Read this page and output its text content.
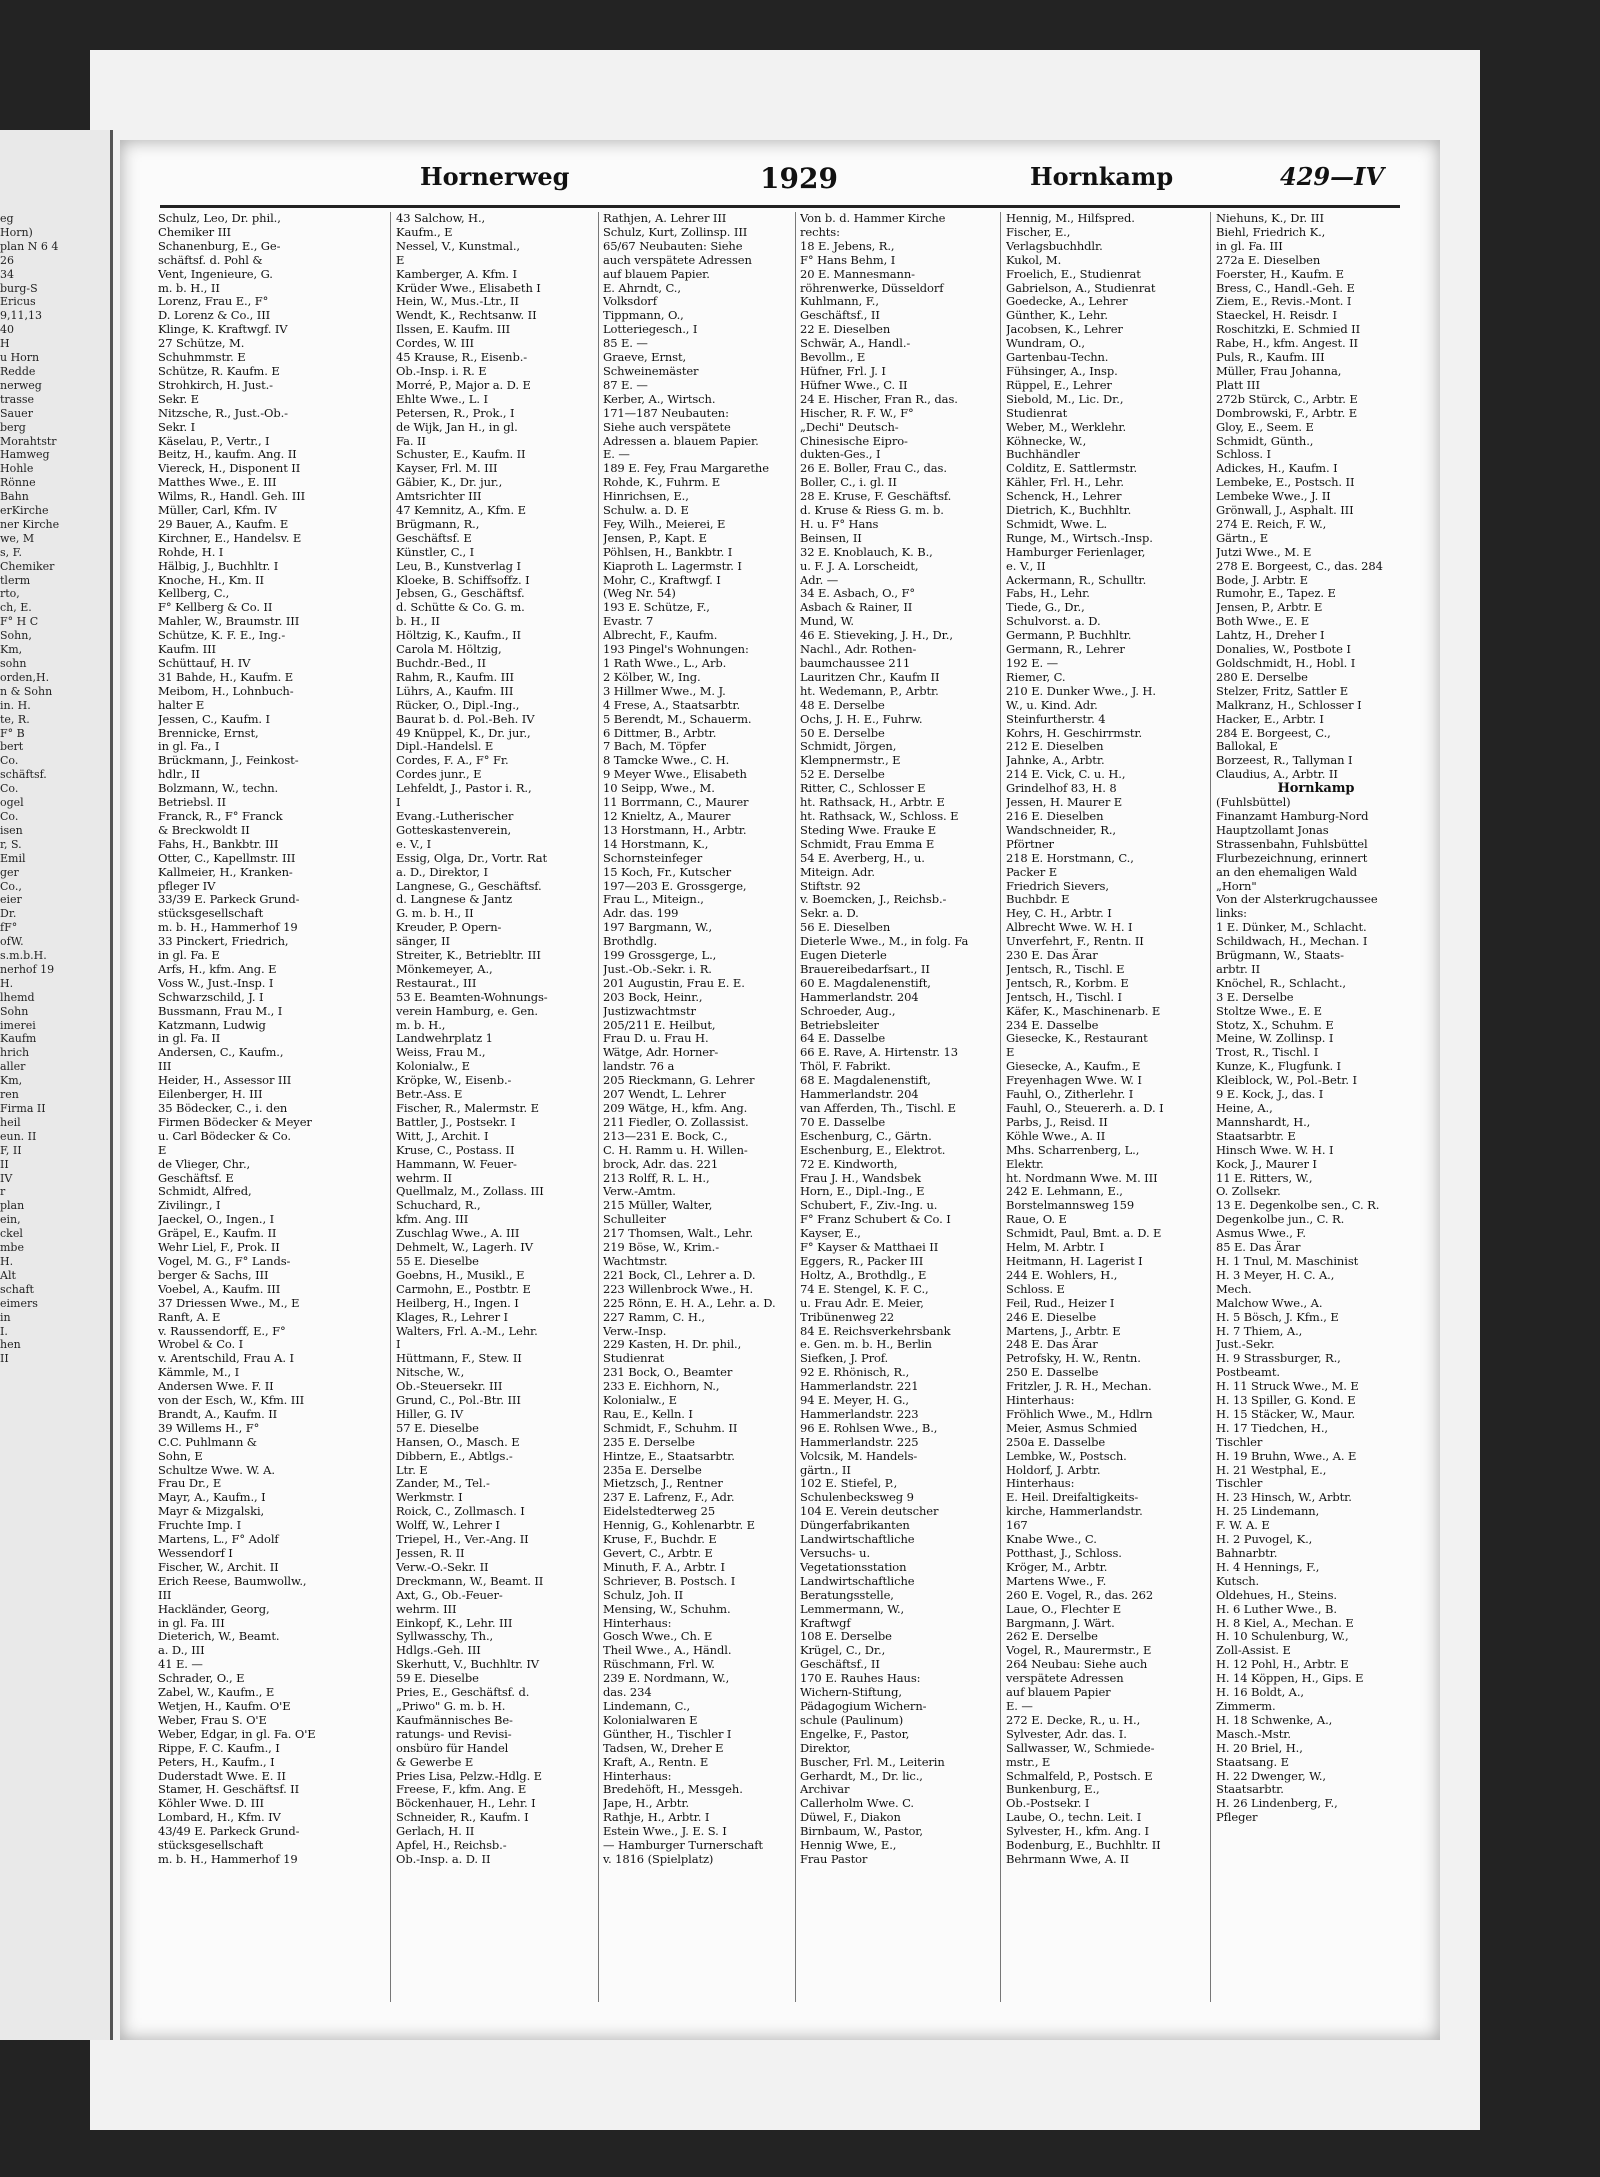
eg
Horn)
plan N 6 4
26
34
burg-S
Ericus
9,11,13
40
H
u Horn
Redde
nerweg
trasse
Sauer
berg
Morahtstr
Hamweg
Hohle
Rönne
Bahn
erKirche
ner Kirche
we, M
s, F.
Chemiker
tlerm
rto,
ch, E.
F° H C
Sohn,
Km,
sohn
orden,H.
n & Sohn
in. H.
te, R.
F° B
bert
Co.
schäftsf.
Co.
ogel
Co.
isen
r, S.
Emil
ger
Co.,
eier
Dr.
fF°
ofW.
s.m.b.H.
nerhof 19
H.
lhemd
Sohn
imerei
Kaufm
hrich
aller
Km,
ren
Firma II
heil
eun. II
F, II
II
IV
r
plan
ein,
ckel
mbe
H.
Alt
schaft
eimers
in
I.
hen
II
Hornerweg	1929	Hornkamp	429—IV
Schulz, Leo, Dr. phil.,
Chemiker III
Schanenburg, E., Ge-
schäftsf. d. Pohl &
Vent, Ingenieure, G.
m. b. H., II
Lorenz, Frau E., F°
D. Lorenz & Co., III
Klinge, K. Kraftwgf. IV
27 Schütze, M.
Schuhmmstr. E
Schütze, R. Kaufm. E
Strohkirch, H. Just.-
Sekr. E
Nitzsche, R., Just.-Ob.-
Sekr. I
Käselau, P., Vertr., I
Beitz, H., kaufm. Ang. II
Viereck, H., Disponent II
Matthes Wwe., E. III
Wilms, R., Handl. Geh. III
Müller, Carl, Kfm. IV
29 Bauer, A., Kaufm. E
Kirchner, E., Handelsv. E
Rohde, H. I
Hälbig, J., Buchhltr. I
Knoche, H., Km. II
Kellberg, C.,
F° Kellberg & Co. II
Mahler, W., Braumstr. III
Schütze, K. F. E., Ing.-
Kaufm. III
Schüttauf, H. IV
31 Bahde, H., Kaufm. E
Meibom, H., Lohnbuch-
halter E
Jessen, C., Kaufm. I
Brennicke, Ernst,
in gl. Fa., I
Brückmann, J., Feinkost-
hdlr., II
Bolzmann, W., techn.
Betriebsl. II
Franck, R., F° Franck
& Breckwoldt II
Fahs, H., Bankbtr. III
Otter, C., Kapellmstr. III
Kallmeier, H., Kranken-
pfleger IV
33/39 E. Parkeck Grund-
stücksgesellschaft
m. b. H., Hammerhof 19
33 Pinckert, Friedrich,
in gl. Fa. E
Arfs, H., kfm. Ang. E
Voss W., Just.-Insp. I
Schwarzschild, J. I
Bussmann, Frau M., I
Katzmann, Ludwig
in gl. Fa. II
Andersen, C., Kaufm.,
III
Heider, H., Assessor III
Eilenberger, H. III
35 Bödecker, C., i. den
Firmen Bödecker & Meyer
u. Carl Bödecker & Co.
E
de Vlieger, Chr.,
Geschäftsf. E
Schmidt, Alfred,
Zivilingr., I
Jaeckel, O., Ingen., I
Gräpel, E., Kaufm. II
Wehr Liel, F., Prok. II
Vogel, M. G., F° Lands-
berger & Sachs, III
Voebel, A., Kaufm. III
37 Driessen Wwe., M., E
Ranft, A. E
v. Raussendorff, E., F°
Wrobel & Co. I
v. Arentschild, Frau A. I
Kämmle, M., I
Andersen Wwe. F. II
von der Esch, W., Kfm. III
Brandt, A., Kaufm. II
39 Willems H., F°
C.C. Puhlmann &
Sohn, E
Schultze Wwe. W. A.
Frau Dr., E
Mayr, A., Kaufm., I
Mayr & Mizgalski,
Fruchte Imp. I
Martens, L., F° Adolf
Wessendorf I
Fischer, W., Archit. II
Erich Reese, Baumwollw.,
III
Hackländer, Georg,
in gl. Fa. III
Dieterich, W., Beamt.
a. D., III
41 E. —
Schrader, O., E
Zabel, W., Kaufm., E
Wetjen, H., Kaufm. O'E
Weber, Frau S. O'E
Weber, Edgar, in gl. Fa. O'E
Rippe, F. C. Kaufm., I
Peters, H., Kaufm., I
Duderstadt Wwe. E. II
Stamer, H. Geschäftsf. II
Köhler Wwe. D. III
Lombard, H., Kfm. IV
43/49 E. Parkeck Grund-
stücksgesellschaft
m. b. H., Hammerhof 19
43 Salchow, H.,
Kaufm., E
Nessel, V., Kunstmal.,
E
Kamberger, A. Kfm. I
Krüder Wwe., Elisabeth I
Hein, W., Mus.-Ltr., II
Wendt, K., Rechtsanw. II
Ilssen, E. Kaufm. III
Cordes, W. III
45 Krause, R., Eisenb.-
Ob.-Insp. i. R. E
Morré, P., Major a. D. E
Ehlte Wwe., L. I
Petersen, R., Prok., I
de Wijk, Jan H., in gl.
Fa. II
Schuster, E., Kaufm. II
Kayser, Frl. M. III
Gäbier, K., Dr. jur.,
Amtsrichter III
47 Kemnitz, A., Kfm. E
Brügmann, R.,
Geschäftsf. E
Künstler, C., I
Leu, B., Kunstverlag I
Kloeke, B. Schiffsoffz. I
Jebsen, G., Geschäftsf.
d. Schütte & Co. G. m.
b. H., II
Höltzig, K., Kaufm., II
Carola M. Höltzig,
Buchdr.-Bed., II
Rahm, R., Kaufm. III
Lührs, A., Kaufm. III
Rücker, O., Dipl.-Ing.,
Baurat b. d. Pol.-Beh. IV
49 Knüppel, K., Dr. jur.,
Dipl.-Handelsl. E
Cordes, F. A., F° Fr.
Cordes junr., E
Lehfeldt, J., Pastor i. R.,
I
Evang.-Lutherischer
Gotteskastenverein,
e. V., I
Essig, Olga, Dr., Vortr. Rat
a. D., Direktor, I
Langnese, G., Geschäftsf.
d. Langnese & Jantz
G. m. b. H., II
Kreuder, P. Opern-
sänger, II
Streiter, K., Betriebltr. III
Mönkemeyer, A.,
Restaurat., III
53 E. Beamten-Wohnungs-
verein Hamburg, e. Gen.
m. b. H.,
Landwehrplatz 1
Weiss, Frau M.,
Kolonialw., E
Kröpke, W., Eisenb.-
Betr.-Ass. E
Fischer, R., Malermstr. E
Battler, J., Postsekr. I
Witt, J., Archit. I
Kruse, C., Postass. II
Hammann, W. Feuer-
wehrm. II
Quellmalz, M., Zollass. III
Schuchard, R.,
kfm. Ang. III
Zuschlag Wwe., A. III
Dehmelt, W., Lagerh. IV
55 E. Dieselbe
Goebns, H., Musikl., E
Carmohn, E., Postbtr. E
Heilberg, H., Ingen. I
Klages, R., Lehrer I
Walters, Frl. A.-M., Lehr.
I
Hüttmann, F., Stew. II
Nitsche, W.,
Ob.-Steuersekr. III
Grund, C., Pol.-Btr. III
Hiller, G. IV
57 E. Dieselbe
Hansen, O., Masch. E
Dibbern, E., Abtlgs.-
Ltr. E
Zander, M., Tel.-
Werkmstr. I
Roick, C., Zollmasch. I
Wolff, W., Lehrer I
Triepel, H., Ver.-Ang. II
Jessen, R. II
Verw.-O.-Sekr. II
Dreckmann, W., Beamt. II
Axt, G., Ob.-Feuer-
wehrm. III
Einkopf, K., Lehr. III
Syllwasschy, Th.,
Hdlgs.-Geh. III
Skerhutt, V., Buchhltr. IV
59 E. Dieselbe
Pries, E., Geschäftsf. d.
„Priwo" G. m. b. H.
Kaufmännisches Be-
ratungs- und Revisi-
onsbüro für Handel
& Gewerbe E
Pries Lisa, Pelzw.-Hdlg. E
Freese, F., kfm. Ang. E
Böckenhauer, H., Lehr. I
Schneider, R., Kaufm. I
Gerlach, H. II
Apfel, H., Reichsb.-
Ob.-Insp. a. D. II
Rathjen, A. Lehrer III
Schulz, Kurt, Zollinsp. III
65/67 Neubauten: Siehe
auch verspätete Adressen
auf blauem Papier.
E. Ahrndt, C.,
Volksdorf
Tippmann, O.,
Lotteriegesch., I
85 E. —
Graeve, Ernst,
Schweinemäster
87 E. —
Kerber, A., Wirtsch.
171—187 Neubauten:
Siehe auch verspätete
Adressen a. blauem Papier.
E. —
189 E. Fey, Frau Margarethe
Rohde, K., Fuhrm. E
Hinrichsen, E.,
Schulw. a. D. E
Fey, Wilh., Meierei, E
Jensen, P., Kapt. E
Pöhlsen, H., Bankbtr. I
Kiaproth L. Lagermstr. I
Mohr, C., Kraftwgf. I
(Weg Nr. 54)
193 E. Schütze, F.,
Evastr. 7
Albrecht, F., Kaufm.
193 Pingel's Wohnungen:
1 Rath Wwe., L., Arb.
2 Kölber, W., Ing.
3 Hillmer Wwe., M. J.
4 Frese, A., Staatsarbtr.
5 Berendt, M., Schauerm.
6 Dittmer, B., Arbtr.
7 Bach, M. Töpfer
8 Tamcke Wwe., C. H.
9 Meyer Wwe., Elisabeth
10 Seipp, Wwe., M.
11 Borrmann, C., Maurer
12 Knieltz, A., Maurer
13 Horstmann, H., Arbtr.
14 Horstmann, K.,
Schornsteinfeger
15 Koch, Fr., Kutscher
197—203 E. Grossgerge,
Frau L., Miteign.,
Adr. das. 199
197 Bargmann, W.,
Brothdlg.
199 Grossgerge, L.,
Just.-Ob.-Sekr. i. R.
201 Augustin, Frau E. E.
203 Bock, Heinr.,
Justizwachtmstr
205/211 E. Heilbut,
Frau D. u. Frau H.
Wätge, Adr. Horner-
landstr. 76 a
205 Rieckmann, G. Lehrer
207 Wendt, L. Lehrer
209 Wätge, H., kfm. Ang.
211 Fiedler, O. Zollassist.
213—231 E. Bock, C.,
C. H. Ramm u. H. Willen-
brock, Adr. das. 221
213 Rolff, R. L. H.,
Verw.-Amtm.
215 Müller, Walter,
Schulleiter
217 Thomsen, Walt., Lehr.
219 Böse, W., Krim.-
Wachtmstr.
221 Bock, Cl., Lehrer a. D.
223 Willenbrock Wwe., H.
225 Rönn, E. H. A., Lehr. a. D.
227 Ramm, C. H.,
Verw.-Insp.
229 Kasten, H. Dr. phil.,
Studienrat
231 Bock, O., Beamter
233 E. Eichhorn, N.,
Kolonialw., E
Rau, E., Kelln. I
Schmidt, F., Schuhm. II
235 E. Derselbe
Hintze, E., Staatsarbtr.
235a E. Derselbe
Mietzsch, J., Rentner
237 E. Lafrenz, F., Adr.
Eidelstedterweg 25
Hennig, G., Kohlenarbtr. E
Kruse, F., Buchdr. E
Gevert, C., Arbtr. E
Minuth, F. A., Arbtr. I
Schriever, B. Postsch. I
Schulz, Joh. II
Mensing, W., Schuhm.
Hinterhaus:
Gosch Wwe., Ch. E
Theil Wwe., A., Händl.
Rüschmann, Frl. W.
239 E. Nordmann, W.,
das. 234
Lindemann, C.,
Kolonialwaren E
Günther, H., Tischler I
Tadsen, W., Dreher E
Kraft, A., Rentn. E
Hinterhaus:
Bredehöft, H., Messgeh.
Jape, H., Arbtr.
Rathje, H., Arbtr. I
Estein Wwe., J. E. S. I
— Hamburger Turnerschaft
v. 1816 (Spielplatz)
Von b. d. Hammer Kirche
rechts:
18 E. Jebens, R.,
F° Hans Behm, I
20 E. Mannesmann-
röhrenwerke, Düsseldorf
Kuhlmann, F.,
Geschäftsf., II
22 E. Dieselben
Schwär, A., Handl.-
Bevollm., E
Hüfner, Frl. J. I
Hüfner Wwe., C. II
24 E. Hischer, Fran R., das.
Hischer, R. F. W., F°
„Dechi" Deutsch-
Chinesische Eipro-
dukten-Ges., I
26 E. Boller, Frau C., das.
Boller, C., i. gl. II
28 E. Kruse, F. Geschäftsf.
d. Kruse & Riess G. m. b.
H. u. F° Hans
Beinsen, II
32 E. Knoblauch, K. B.,
u. F. J. A. Lorscheidt,
Adr. —
34 E. Asbach, O., F°
Asbach & Rainer, II
Mund, W.
46 E. Stieveking, J. H., Dr.,
Nachl., Adr. Rothen-
baumchaussee 211
Lauritzen Chr., Kaufm II
ht. Wedemann, P., Arbtr.
48 E. Derselbe
Ochs, J. H. E., Fuhrw.
50 E. Derselbe
Schmidt, Jörgen,
Klempnermstr., E
52 E. Derselbe
Ritter, C., Schlosser E
ht. Rathsack, H., Arbtr. E
ht. Rathsack, W., Schloss. E
Steding Wwe. Frauke E
Schmidt, Frau Emma E
54 E. Averberg, H., u.
Miteign. Adr.
Stiftstr. 92
v. Boemcken, J., Reichsb.-
Sekr. a. D.
56 E. Dieselben
Dieterle Wwe., M., in folg. Fa
Eugen Dieterle
Brauereibedarfsart., II
60 E. Magdalenenstift,
Hammerlandstr. 204
Schroeder, Aug.,
Betriebsleiter
64 E. Dasselbe
66 E. Rave, A. Hirtenstr. 13
Thöl, F. Fabrikt.
68 E. Magdalenenstift,
Hammerlandstr. 204
van Afferden, Th., Tischl. E
70 E. Dasselbe
Eschenburg, C., Gärtn.
Eschenburg, E., Elektrot.
72 E. Kindworth,
Frau J. H., Wandsbek
Horn, E., Dipl.-Ing., E
Schubert, F., Ziv.-Ing. u.
F° Franz Schubert & Co. I
Kayser, E.,
F° Kayser & Matthaei II
Eggers, R., Packer III
Holtz, A., Brothdlg., E
74 E. Stengel, K. F. C.,
u. Frau Adr. E. Meier,
Tribünenweg 22
84 E. Reichsverkehrsbank
e. Gen. m. b. H., Berlin
Siefken, J. Prof.
92 E. Rhönisch, R.,
Hammerlandstr. 221
94 E. Meyer, H. G.,
Hammerlandstr. 223
96 E. Rohlsen Wwe., B.,
Hammerlandstr. 225
Volcsik, M. Handels-
gärtn., II
102 E. Stiefel, P.,
Schulenbecksweg 9
104 E. Verein deutscher
Düngerfabrikanten
Landwirtschaftliche
Versuchs- u.
Vegetationsstation
Landwirtschaftliche
Beratungsstelle,
Lemmermann, W.,
Kraftwgf
108 E. Derselbe
Krügel, C., Dr.,
Geschäftsf., II
170 E. Rauhes Haus:
Wichern-Stiftung,
Pädagogium Wichern-
schule (Paulinum)
Engelke, F., Pastor,
Direktor,
Buscher, Frl. M., Leiterin
Gerhardt, M., Dr. lic.,
Archivar
Callerholm Wwe. C.
Düwel, F., Diakon
Birnbaum, W., Pastor,
Hennig Wwe, E.,
Frau Pastor
Hennig, M., Hilfspred.
Fischer, E.,
Verlagsbuchhdlr.
Kukol, M.
Froelich, E., Studienrat
Gabrielson, A., Studienrat
Goedecke, A., Lehrer
Günther, K., Lehr.
Jacobsen, K., Lehrer
Wundram, O.,
Gartenbau-Techn.
Fühsinger, A., Insp.
Rüppel, E., Lehrer
Siebold, M., Lic. Dr.,
Studienrat
Weber, M., Werklehr.
Köhnecke, W.,
Buchhändler
Colditz, E. Sattlermstr.
Kähler, Frl. H., Lehr.
Schenck, H., Lehrer
Dietrich, K., Buchhltr.
Schmidt, Wwe. L.
Runge, M., Wirtsch.-Insp.
Hamburger Ferienlager,
e. V., II
Ackermann, R., Schulltr.
Fabs, H., Lehr.
Tiede, G., Dr.,
Schulvorst. a. D.
Germann, P. Buchhltr.
Germann, R., Lehrer
192 E. —
Riemer, C.
210 E. Dunker Wwe., J. H.
W., u. Kind. Adr.
Steinfurtherstr. 4
Kohrs, H. Geschirrmstr.
212 E. Dieselben
Jahnke, A., Arbtr.
214 E. Vick, C. u. H.,
Grindelhof 83, H. 8
Jessen, H. Maurer E
216 E. Dieselben
Wandschneider, R.,
Pförtner
218 E. Horstmann, C.,
Packer E
Friedrich Sievers,
Buchbdr. E
Hey, C. H., Arbtr. I
Albrecht Wwe. W. H. I
Unverfehrt, F., Rentn. II
230 E. Das Ärar
Jentsch, R., Tischl. E
Jentsch, R., Korbm. E
Jentsch, H., Tischl. I
Käfer, K., Maschinenarb. E
234 E. Dasselbe
Giesecke, K., Restaurant
E
Giesecke, A., Kaufm., E
Freyenhagen Wwe. W. I
Fauhl, O., Zitherlehr. I
Fauhl, O., Steuererh. a. D. I
Parbs, J., Reisd. II
Köhle Wwe., A. II
Mhs. Scharrenberg, L.,
Elektr.
ht. Nordmann Wwe. M. III
242 E. Lehmann, E.,
Borstelmannsweg 159
Raue, O. E
Schmidt, Paul, Bmt. a. D. E
Helm, M. Arbtr. I
Heitmann, H. Lagerist I
244 E. Wohlers, H.,
Schloss. E
Feil, Rud., Heizer I
246 E. Dieselbe
Martens, J., Arbtr. E
248 E. Das Ärar
Petrofsky, H. W., Rentn.
250 E. Dasselbe
Fritzler, J. R. H., Mechan.
Hinterhaus:
Fröhlich Wwe., M., Hdlrn
Meier, Asmus Schmied
250a E. Dasselbe
Lembke, W., Postsch.
Holdorf, J. Arbtr.
Hinterhaus:
E. Heil. Dreifaltigkeits-
kirche, Hammerlandstr.
167
Knabe Wwe., C.
Potthast, J., Schloss.
Kröger, M., Arbtr.
Martens Wwe., F.
260 E. Vogel, R., das. 262
Laue, O., Flechter E
Bargmann, J. Wärt.
262 E. Derselbe
Vogel, R., Maurermstr., E
264 Neubau: Siehe auch
verspätete Adressen
auf blauem Papier
E. —
272 E. Decke, R., u. H.,
Sylvester, Adr. das. I.
Sallwasser, W., Schmiede-
mstr., E
Schmalfeld, P., Postsch. E
Bunkenburg, E.,
Ob.-Postsekr. I
Laube, O., techn. Leit. I
Sylvester, H., kfm. Ang. I
Bodenburg, E., Buchhltr. II
Behrmann Wwe, A. II
Niehuns, K., Dr. III
Biehl, Friedrich K.,
in gl. Fa. III
272a E. Dieselben
Foerster, H., Kaufm. E
Bress, C., Handl.-Geh. E
Ziem, E., Revis.-Mont. I
Staeckel, H. Reisdr. I
Roschitzki, E. Schmied II
Rabe, H., kfm. Angest. II
Puls, R., Kaufm. III
Müller, Frau Johanna,
Platt III
272b Stürck, C., Arbtr. E
Dombrowski, F., Arbtr. E
Gloy, E., Seem. E
Schmidt, Günth.,
Schloss. I
Adickes, H., Kaufm. I
Lembeke, E., Postsch. II
Lembeke Wwe., J. II
Grönwall, J., Asphalt. III
274 E. Reich, F. W.,
Gärtn., E
Jutzi Wwe., M. E
278 E. Borgeest, C., das. 284
Bode, J. Arbtr. E
Rumohr, E., Tapez. E
Jensen, P., Arbtr. E
Both Wwe., E. E
Lahtz, H., Dreher I
Donalies, W., Postbote I
Goldschmidt, H., Hobl. I
280 E. Derselbe
Stelzer, Fritz, Sattler E
Malkranz, H., Schlosser I
Hacker, E., Arbtr. I
284 E. Borgeest, C.,
Ballokal, E
Borzeest, R., Tallyman I
Claudius, A., Arbtr. II
Hornkamp
(Fuhlsbüttel)
Finanzamt Hamburg-Nord
Hauptzollamt Jonas
Strassenbahn, Fuhlsbüttel
Flurbezeichnung, erinnert
an den ehemaligen Wald
„Horn"
Von der Alsterkrugchaussee
links:
1 E. Dünker, M., Schlacht.
Schildwach, H., Mechan. I
Brügmann, W., Staats-
arbtr. II
Knöchel, R., Schlacht.,
3 E. Derselbe
Stoltze Wwe., E. E
Stotz, X., Schuhm. E
Meine, W. Zollinsp. I
Trost, R., Tischl. I
Kunze, K., Flugfunk. I
Kleiblock, W., Pol.-Betr. I
9 E. Kock, J., das. I
Heine, A.,
Mannshardt, H.,
Staatsarbtr. E
Hinsch Wwe. W. H. I
Kock, J., Maurer I
11 E. Ritters, W.,
O. Zollsekr.
13 E. Degenkolbe sen., C. R.
Degenkolbe jun., C. R.
Asmus Wwe., F.
85 E. Das Ärar
H. 1 Tnul, M. Maschinist
H. 3 Meyer, H. C. A.,
Mech.
Malchow Wwe., A.
H. 5 Bösch, J. Kfm., E
H. 7 Thiem, A.,
Just.-Sekr.
H. 9 Strassburger, R.,
Postbeamt.
H. 11 Struck Wwe., M. E
H. 13 Spiller, G. Kond. E
H. 15 Stäcker, W., Maur.
H. 17 Tiedchen, H.,
Tischler
H. 19 Bruhn, Wwe., A. E
H. 21 Westphal, E.,
Tischler
H. 23 Hinsch, W., Arbtr.
H. 25 Lindemann,
F. W. A. E
H. 2 Puvogel, K.,
Bahnarbtr.
H. 4 Hennings, F.,
Kutsch.
Oldehues, H., Steins.
H. 6 Luther Wwe., B.
H. 8 Kiel, A., Mechan. E
H. 10 Schulenburg, W.,
Zoll-Assist. E
H. 12 Pohl, H., Arbtr. E
H. 14 Köppen, H., Gips. E
H. 16 Boldt, A.,
Zimmerm.
H. 18 Schwenke, A.,
Masch.-Mstr.
H. 20 Briel, H.,
Staatsang. E
H. 22 Dwenger, W.,
Staatsarbtr.
H. 26 Lindenberg, F.,
Pfleger
